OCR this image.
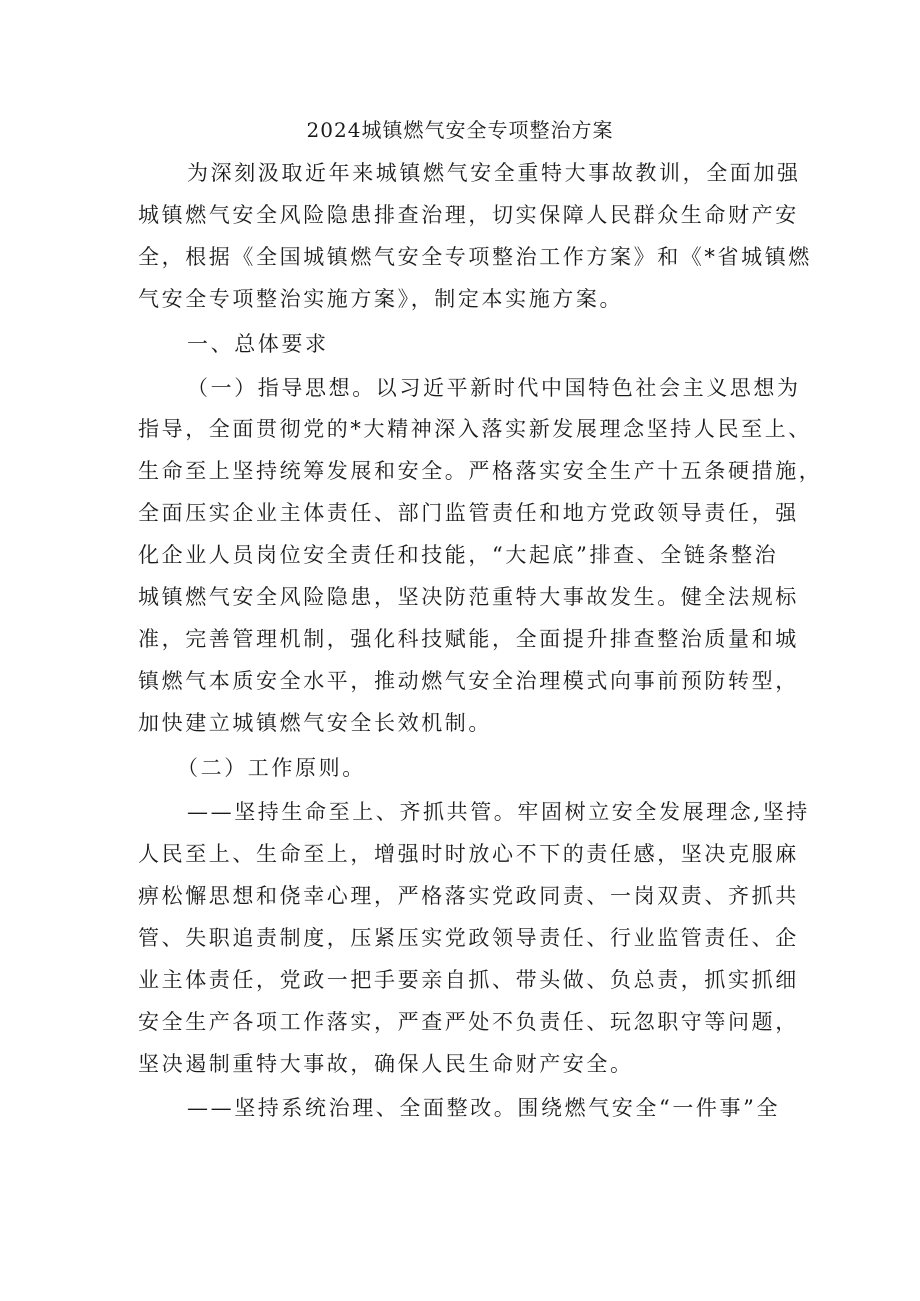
2024城镇燃气安全专项整治方案
为深刻汲取近年来城镇燃气安全重特大事故教训，全面加强
城镇燃气安全风险隐患排查治理，切实保障人民群众生命财产安
全，根据《全国城镇燃气安全专项整治工作方案》和《*省城镇燃
气安全专项整治实施方案》，制定本实施方案。
一、总体要求
（一）指导思想。以习近平新时代中国特色社会主义思想为
指导，全面贯彻党的*大精神深入落实新发展理念坚持人民至上、
生命至上坚持统筹发展和安全。严格落实安全生产十五条硬措施，
全面压实企业主体责任、部门监管责任和地方党政领导责任，强
化企业人员岗位安全责任和技能，“大起底”排查、全链条整治
城镇燃气安全风险隐患，坚决防范重特大事故发生。健全法规标
准，完善管理机制，强化科技赋能，全面提升排查整治质量和城
镇燃气本质安全水平，推动燃气安全治理模式向事前预防转型，
加快建立城镇燃气安全长效机制。
（二）工作原则。
——坚持生命至上、齐抓共管。牢固树立安全发展理念,坚持
人民至上、生命至上，增强时时放心不下的责任感，坚决克服麻
痹松懈思想和侥幸心理，严格落实党政同责、一岗双责、齐抓共
管、失职追责制度，压紧压实党政领导责任、行业监管责任、企
业主体责任，党政一把手要亲自抓、带头做、负总责，抓实抓细
安全生产各项工作落实，严查严处不负责任、玩忽职守等问题，
坚决遏制重特大事故，确保人民生命财产安全。
——坚持系统治理、全面整改。围绕燃气安全“一件事”全
